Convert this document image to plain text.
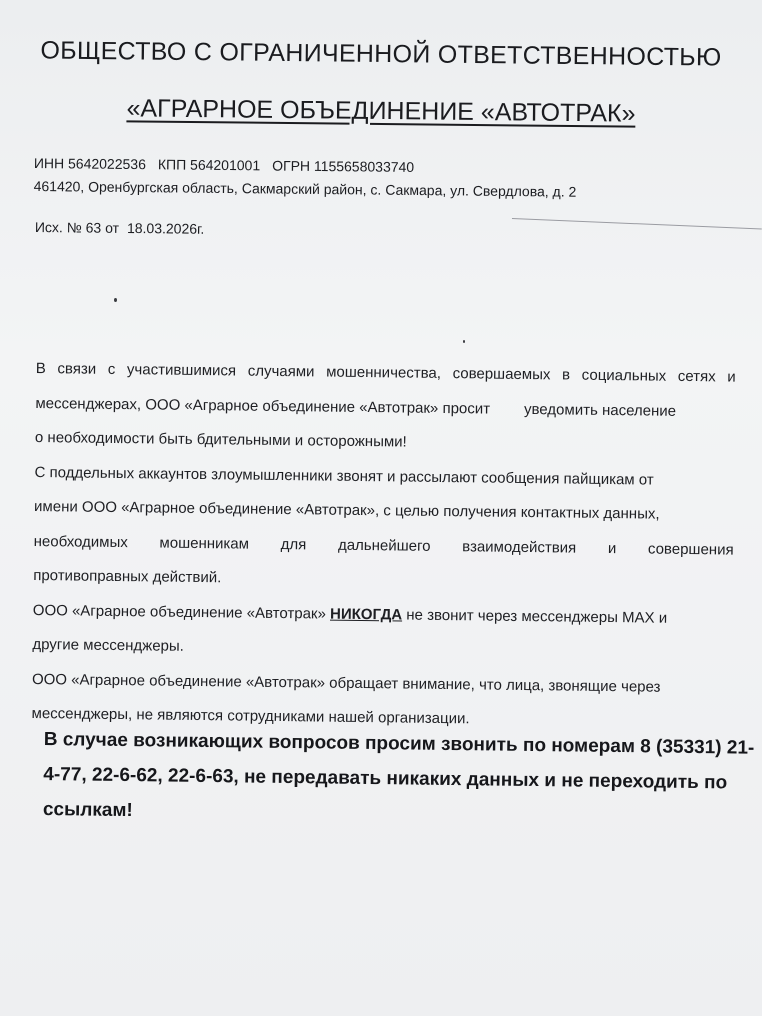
ОБЩЕСТВО С ОГРАНИЧЕННОЙ ОТВЕТСТВЕННОСТЬЮ
«АГРАРНОЕ ОБЪЕДИНЕНИЕ «АВТОТРАК»
ИНН 5642022536 КПП 564201001 ОГРН 1155658033740
461420, Оренбургская область, Сакмарский район, с. Сакмара, ул. Свердлова, д. 2
Исх. № 63 от 18.03.2026г.
В связи с участившимися случаями мошенничества, совершаемых в социальных сетях и
мессенджерах, ООО «Аграрное объединение «Автотрак» просит уведомить население
о необходимости быть бдительными и осторожными!
С поддельных аккаунтов злоумышленники звонят и рассылают сообщения пайщикам от
имени ООО «Аграрное объединение «Автотрак», с целью получения контактных данных,
необходимых мошенникам для дальнейшего взаимодействия и совершения
противоправных действий.
ООО «Аграрное объединение «Автотрак» НИКОГДА не звонит через мессенджеры MAX и
другие мессенджеры.
ООО «Аграрное объединение «Автотрак» обращает внимание, что лица, звонящие через
мессенджеры, не являются сотрудниками нашей организации.
В случае возникающих вопросов просим звонить по номерам 8 (35331) 21-
4-77, 22-6-62, 22-6-63, не передавать никаких данных и не переходить по
ссылкам!
